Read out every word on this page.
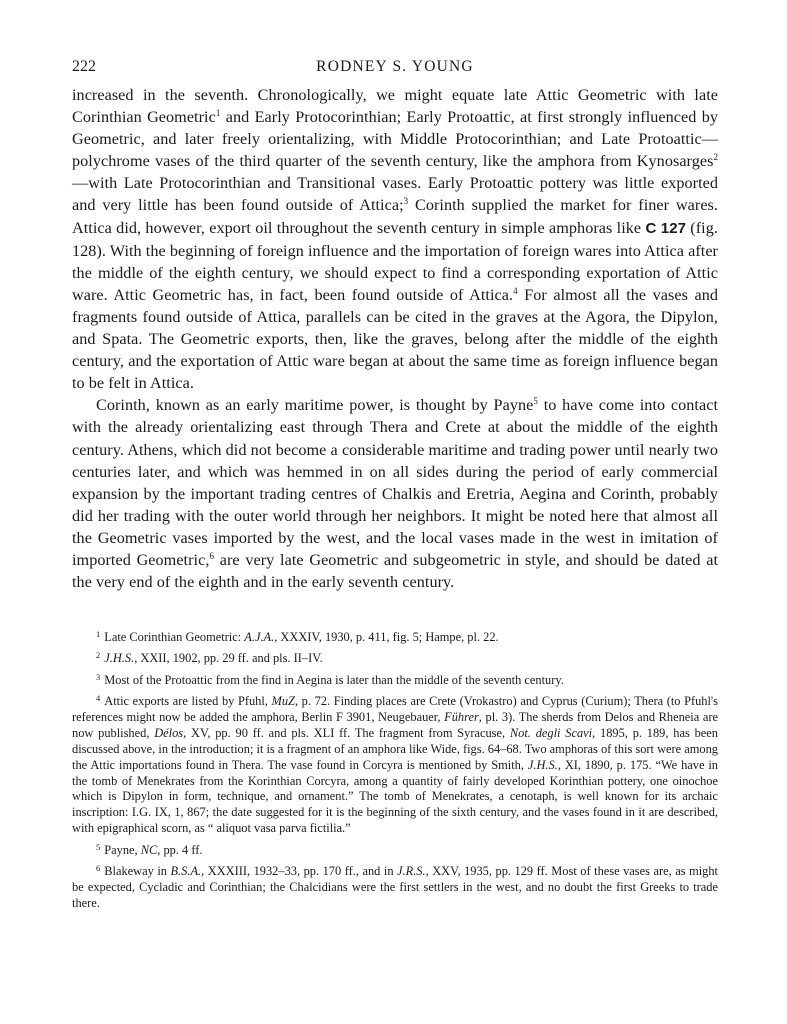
222	RODNEY S. YOUNG

increased in the seventh. Chronologically, we might equate late Attic Geometric with late Corinthian Geometric$^1$ and Early Protocorinthian; Early Protoattic, at first strongly influenced by Geometric, and later freely orientalizing, with Middle Protocorinthian; and Late Protoattic—polychrome vases of the third quarter of the seventh century, like the amphora from Kynosarges$^2$—with Late Protocorinthian and Transitional vases. Early Protoattic pottery was little exported and very little has been found outside of Attica;$^3$ Corinth supplied the market for finer wares. Attica did, however, export oil throughout the seventh century in simple amphoras like C 127 (fig. 128). With the beginning of foreign influence and the importation of foreign wares into Attica after the middle of the eighth century, we should expect to find a corresponding exportation of Attic ware. Attic Geometric has, in fact, been found outside of Attica.$^4$ For almost all the vases and fragments found outside of Attica, parallels can be cited in the graves at the Agora, the Dipylon, and Spata. The Geometric exports, then, like the graves, belong after the middle of the eighth century, and the exportation of Attic ware began at about the same time as foreign influence began to be felt in Attica.

Corinth, known as an early maritime power, is thought by Payne$^5$ to have come into contact with the already orientalizing east through Thera and Crete at about the middle of the eighth century. Athens, which did not become a considerable maritime and trading power until nearly two centuries later, and which was hemmed in on all sides during the period of early commercial expansion by the important trading centres of Chalkis and Eretria, Aegina and Corinth, probably did her trading with the outer world through her neighbors. It might be noted here that almost all the Geometric vases imported by the west, and the local vases made in the west in imitation of imported Geometric,$^6$ are very late Geometric and subgeometric in style, and should be dated at the very end of the eighth and in the early seventh century.

$^1$ Late Corinthian Geometric: A.J.A., XXXIV, 1930, p. 411, fig. 5; Hampe, pl. 22.

$^2$ J.H.S., XXII, 1902, pp. 29 ff. and pls. II–IV.

$^3$ Most of the Protoattic from the find in Aegina is later than the middle of the seventh century.

$^4$ Attic exports are listed by Pfuhl, MuZ, p. 72. Finding places are Crete (Vrokastro) and Cyprus (Curium); Thera (to Pfuhl's references might now be added the amphora, Berlin F 3901, Neugebauer, Führer, pl. 3). The sherds from Delos and Rheneia are now published, Délos, XV, pp. 90 ff. and pls. XLI ff. The fragment from Syracuse, Not. degli Scavi, 1895, p. 189, has been discussed above, in the introduction; it is a fragment of an amphora like Wide, figs. 64–68. Two amphoras of this sort were among the Attic importations found in Thera. The vase found in Corcyra is mentioned by Smith, J.H.S., XI, 1890, p. 175. “We have in the tomb of Menekrates from the Korinthian Corcyra, among a quantity of fairly developed Korinthian pottery, one oinochoe which is Dipylon in form, technique, and ornament.” The tomb of Menekrates, a cenotaph, is well known for its archaic inscription: I.G. IX, 1, 867; the date suggested for it is the beginning of the sixth century, and the vases found in it are described, with epigraphical scorn, as “ aliquot vasa parva fictilia.”

$^5$ Payne, NC, pp. 4 ff.

$^6$ Blakeway in B.S.A., XXXIII, 1932–33, pp. 170 ff., and in J.R.S., XXV, 1935, pp. 129 ff. Most of these vases are, as might be expected, Cycladic and Corinthian; the Chalcidians were the first settlers in the west, and no doubt the first Greeks to trade there.
